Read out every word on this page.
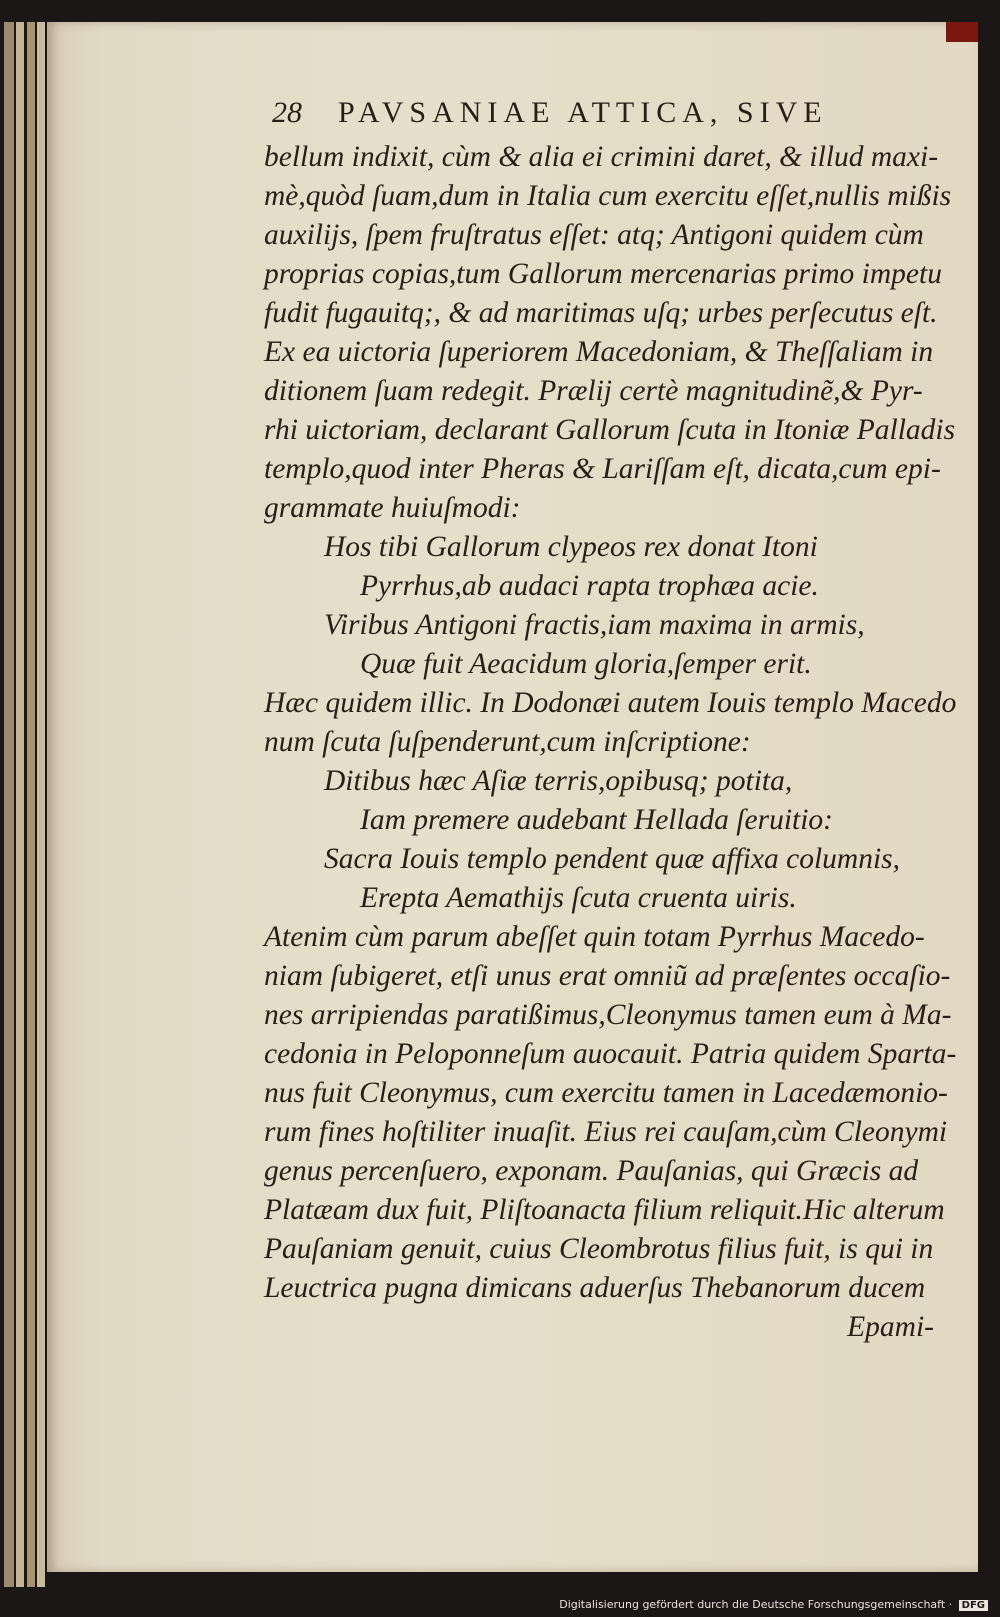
28 PAVSANIAE ATTICA, SIVE
bellum indixit, cùm & alia ei crimini daret, & illud maxi-
mè,quòd ſuam,dum in Italia cum exercitu eſſet,nullis mißis
auxilijs, ſpem fruſtratus eſſet: atq; Antigoni quidem cùm
proprias copias,tum Gallorum mercenarias primo impetu
fudit fugauitq;, & ad maritimas uſq; urbes perſecutus eſt.
Ex ea uictoria ſuperiorem Macedoniam, & Theſſaliam in
ditionem ſuam redegit. Prælij certè magnitudinẽ,& Pyr-
rhi uictoriam, declarant Gallorum ſcuta in Itoniæ Palladis
templo,quod inter Pheras & Lariſſam eſt, dicata,cum epi-
grammate huiuſmodi:
Hos tibi Gallorum clypeos rex donat Itoni
Pyrrhus,ab audaci rapta trophæa acie.
Viribus Antigoni fractis,iam maxima in armis,
Quæ fuit Aeacidum gloria,ſemper erit.
Hæc quidem illic. In Dodonæi autem Iouis templo Macedo
num ſcuta ſuſpenderunt,cum inſcriptione:
Ditibus hæc Aſiæ terris,opibusq; potita,
Iam premere audebant Hellada ſeruitio:
Sacra Iouis templo pendent quæ affixa columnis,
Erepta Aemathijs ſcuta cruenta uiris.
Atenim cùm parum abeſſet quin totam Pyrrhus Macedo-
niam ſubigeret, etſi unus erat omniũ ad præſentes occaſio-
nes arripiendas paratißimus,Cleonymus tamen eum à Ma-
cedonia in Peloponneſum auocauit. Patria quidem Sparta-
nus fuit Cleonymus, cum exercitu tamen in Lacedæmonio-
rum fines hoſtiliter inuaſit. Eius rei cauſam,cùm Cleonymi
genus percenſuero, exponam. Pauſanias, qui Græcis ad
Platæam dux fuit, Pliſtoanacta filium reliquit.Hic alterum
Pauſaniam genuit, cuius Cleombrotus filius fuit, is qui in
Leuctrica pugna dimicans aduerſus Thebanorum ducem
Epami-
Digitalisierung gefördert durch die Deutsche Forschungsgemeinschaft · DFG
